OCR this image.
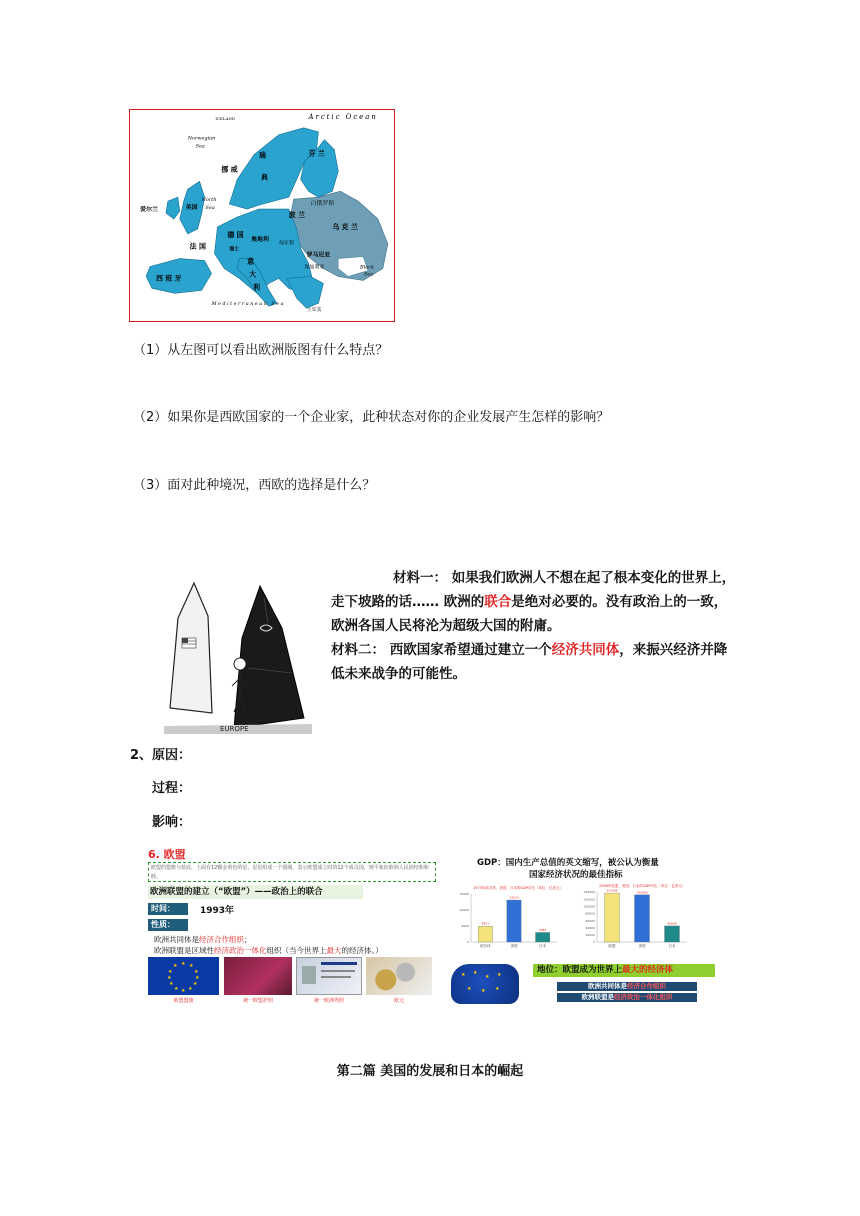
Arctic Ocean
ICELAND
Norwegian
Sea
North
Sea
Black
Sea
Mediterranean Sea
挪 威
瑞
典
芬 兰
英国
爱尔兰
德 国
法 国	瑞士
波 兰
白俄罗斯
乌 克 兰
奥地利
匈牙利
罗马尼亚
保加利亚
意
大
利
西 班 牙
土耳其
（1）从左图可以看出欧洲版图有什么特点？
（2）如果你是西欧国家的一个企业家，此种状态对你的企业发展产生怎样的影响？
（3）面对此种境况，西欧的选择是什么？
EUROPE

材料一： 如果我们欧洲人不想在起了根本变化的世界上，走下坡路的话…… 欧洲的联合是绝对必要的。没有政治上的一致，欧洲各国人民将沦为超级大国的附庸。

材料二： 西欧国家希望通过建立一个经济共同体，来振兴经济并降低未来战争的可能性。

2、原因：
过程：
影响：
6. 欧盟
欧盟的盟旗与蓝底，上面有12颗金黄色的星，星星组成一个圆圈，表示欧盟成立时的12个成员国，则平象征欧洲人民团结和和睦。
欧洲联盟的建立（“欧盟”）——政治上的联合
时间：	1993年
性质：
欧洲共同体是经济合作组织；
欧洲联盟是区域性经济政治一体化组织（当今世界上最大的经济体。）
★ ★
★
★
★
★
★
★
★
★
★
★
欧盟盟旗	统一欧盟护照	统一欧洲驾照	欧元
GDP：国内生产总值的英文缩写，被公认为衡量
国家经济状况的最佳指标
1973年欧共体、美国、日本的GDP对比（单位：亿美元）	2006年欧盟、美国、日本的GDP对比（单位：亿美元）
15000
10000
5000
0
4951
欧共体
13114
美国
2981
日本
140000
120000
100000
80000
60000
40000
20000
0
137000
欧盟
132000
美国
45000
日本
★ ★
★ ★
★ ★ ★
地位：欧盟成为世界上最大的经济体
欧洲共同体是经济合作组织
欧洲联盟是经济政治一体化组织
第二篇 美国的发展和日本的崛起
